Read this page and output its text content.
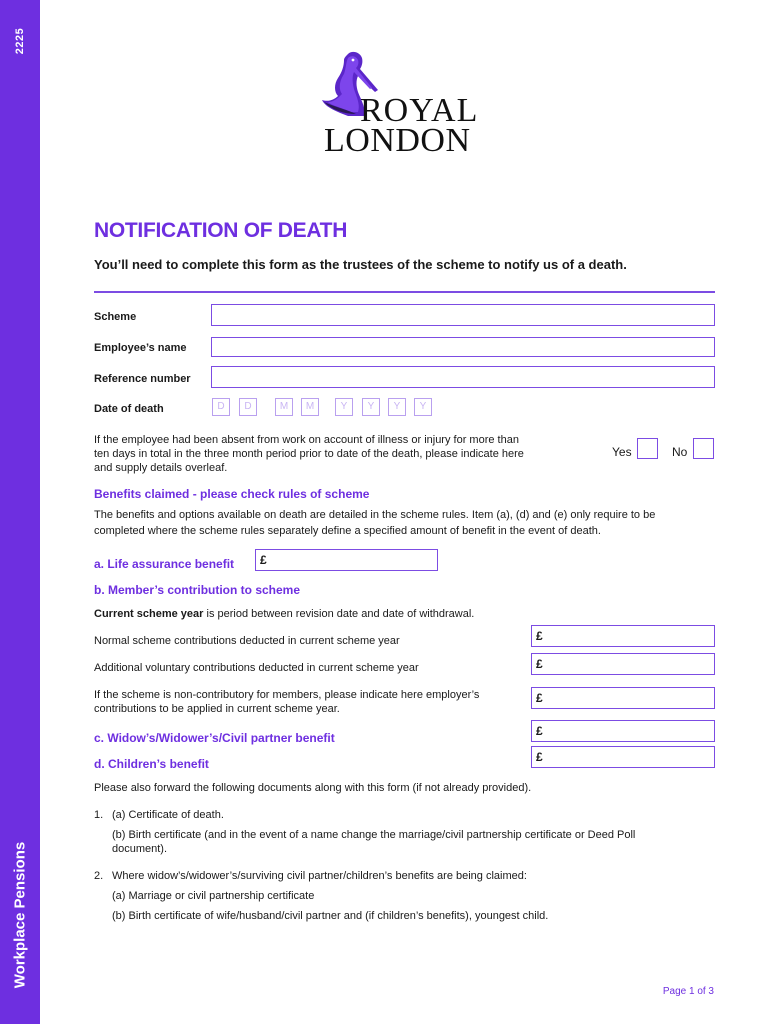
2225
Workplace Pensions
ROYAL
LONDON
NOTIFICATION OF DEATH
You’ll need to complete this form as the trustees of the scheme to notify us of a death.
Scheme
Employee’s name
Reference number
Date of death	D	D	M	M	Y	Y	Y	Y
If the employee had been absent from work on account of illness or injury for more than
ten days in total in the three month period prior to date of the death, please indicate here
and supply details overleaf.
Yes	No
Benefits claimed - please check rules of scheme
The benefits and options available on death are detailed in the scheme rules. Item (a), (d) and (e) only require to be
completed where the scheme rules separately define a specified amount of benefit in the event of death.
a. Life assurance benefit £
b. Member’s contribution to scheme
Current scheme year is period between revision date and date of withdrawal.
Normal scheme contributions deducted in current scheme year	£
Additional voluntary contributions deducted in current scheme year	£
If the scheme is non-contributory for members, please indicate here employer’s
contributions to be applied in current scheme year.
£
c. Widow’s/Widower’s/Civil partner benefit	£
d. Children’s benefit	£
Please also forward the following documents along with this form (if not already provided).
1. (a) Certificate of death.
(b) Birth certificate (and in the event of a name change the marriage/civil partnership certificate or Deed Poll
document).
2. Where widow’s/widower’s/surviving civil partner/children’s benefits are being claimed:
(a) Marriage or civil partnership certificate
(b) Birth certificate of wife/husband/civil partner and (if children’s benefits), youngest child.
Page 1 of 3
